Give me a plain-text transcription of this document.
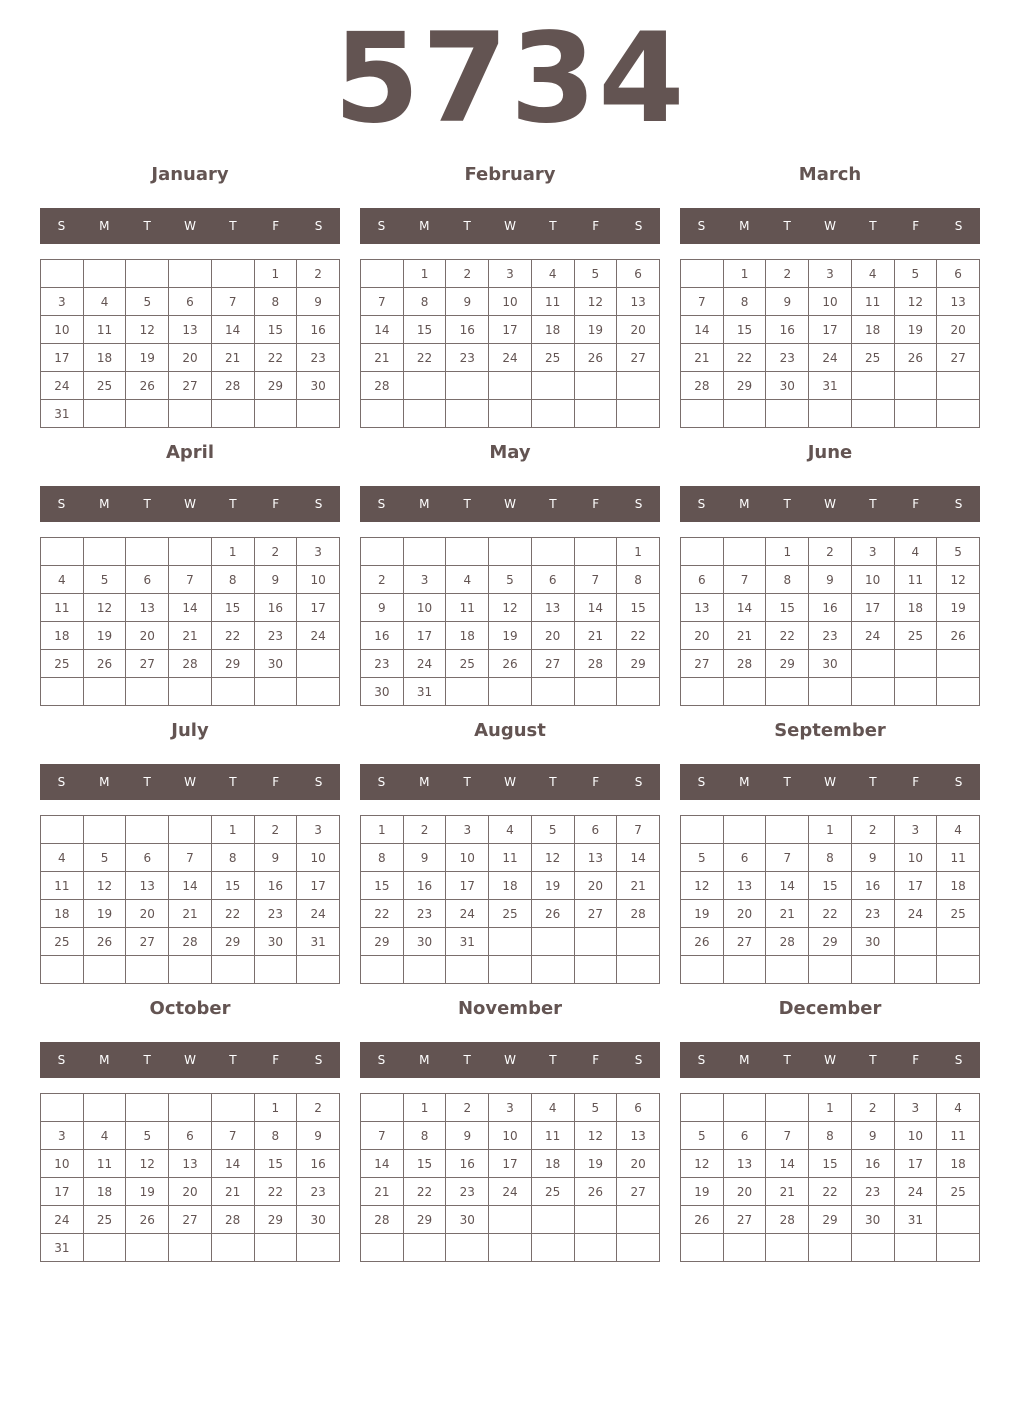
5734
January
S	M	T	W	T	F	S
					1	2
3	4	5	6	7	8	9
10	11	12	13	14	15	16
17	18	19	20	21	22	23
24	25	26	27	28	29	30
31						
February
S	M	T	W	T	F	S
	1	2	3	4	5	6
7	8	9	10	11	12	13
14	15	16	17	18	19	20
21	22	23	24	25	26	27
28						

March
S	M	T	W	T	F	S
	1	2	3	4	5	6
7	8	9	10	11	12	13
14	15	16	17	18	19	20
21	22	23	24	25	26	27
28	29	30	31			

April
S	M	T	W	T	F	S
				1	2	3
4	5	6	7	8	9	10
11	12	13	14	15	16	17
18	19	20	21	22	23	24
25	26	27	28	29	30	

May
S	M	T	W	T	F	S
						1
2	3	4	5	6	7	8
9	10	11	12	13	14	15
16	17	18	19	20	21	22
23	24	25	26	27	28	29
30	31					
June
S	M	T	W	T	F	S
		1	2	3	4	5
6	7	8	9	10	11	12
13	14	15	16	17	18	19
20	21	22	23	24	25	26
27	28	29	30			

July
S	M	T	W	T	F	S
				1	2	3
4	5	6	7	8	9	10
11	12	13	14	15	16	17
18	19	20	21	22	23	24
25	26	27	28	29	30	31

August
S	M	T	W	T	F	S
1	2	3	4	5	6	7
8	9	10	11	12	13	14
15	16	17	18	19	20	21
22	23	24	25	26	27	28
29	30	31				

September
S	M	T	W	T	F	S
			1	2	3	4
5	6	7	8	9	10	11
12	13	14	15	16	17	18
19	20	21	22	23	24	25
26	27	28	29	30		

October
S	M	T	W	T	F	S
					1	2
3	4	5	6	7	8	9
10	11	12	13	14	15	16
17	18	19	20	21	22	23
24	25	26	27	28	29	30
31						
November
S	M	T	W	T	F	S
	1	2	3	4	5	6
7	8	9	10	11	12	13
14	15	16	17	18	19	20
21	22	23	24	25	26	27
28	29	30				

December
S	M	T	W	T	F	S
			1	2	3	4
5	6	7	8	9	10	11
12	13	14	15	16	17	18
19	20	21	22	23	24	25
26	27	28	29	30	31	
